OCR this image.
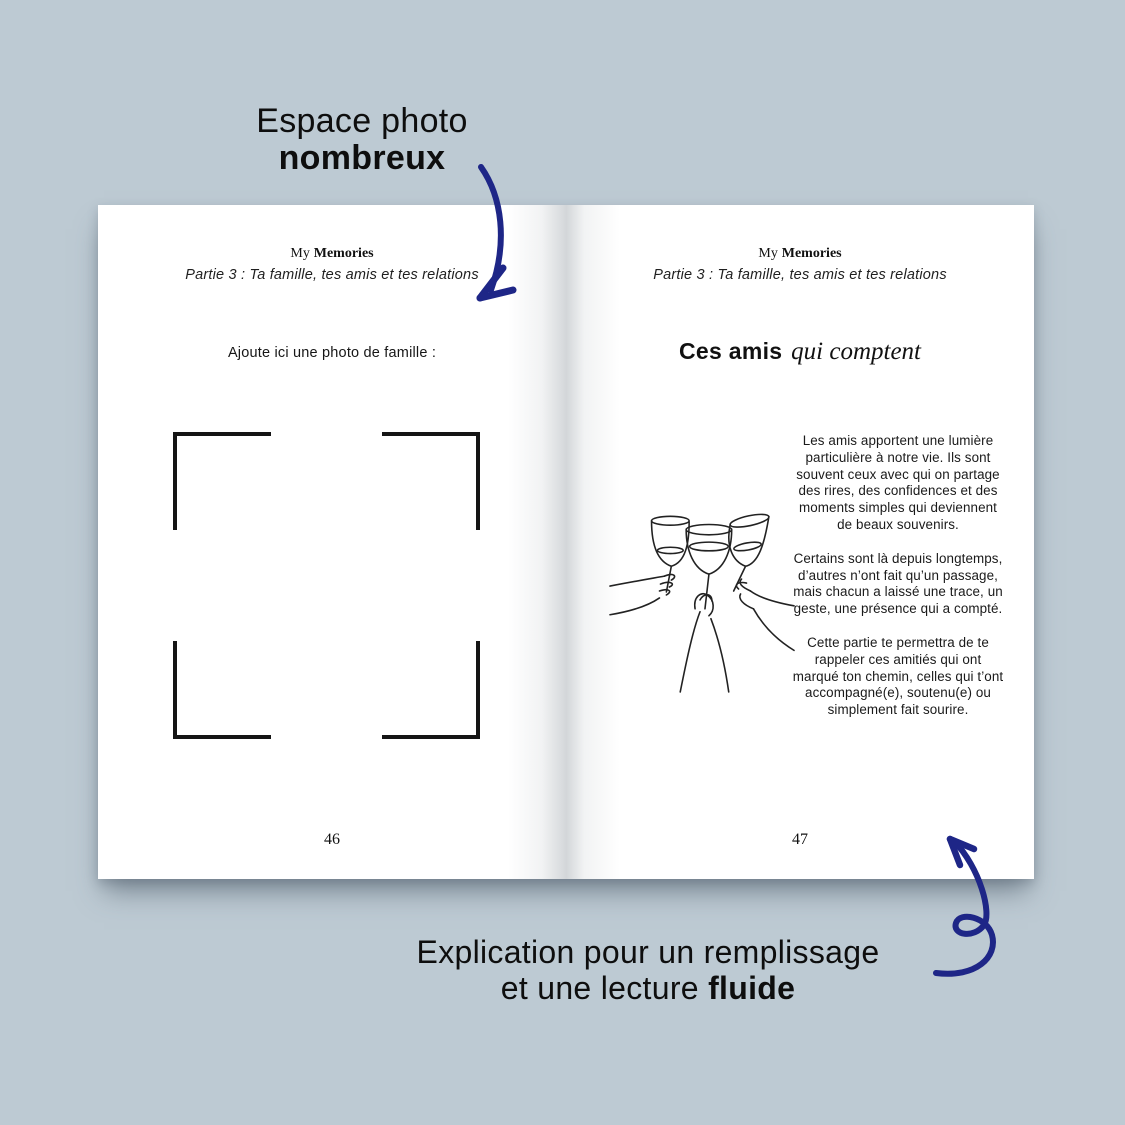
Espace photo
nombreux
My Memories
Partie 3 : Ta famille, tes amis et tes relations
Ajoute ici une photo de famille :
46
My Memories
Partie 3 : Ta famille, tes amis et tes relations
Ces amis qui comptent

Les amis apportent une lumière particulière à notre vie. Ils sont souvent ceux avec qui on partage des rires, des confidences et des moments simples qui deviennent de beaux souvenirs.

Certains sont là depuis longtemps, d’autres n’ont fait qu’un passage, mais chacun a laissé une trace, un geste, une présence qui a compté.

Cette partie te permettra de te rappeler ces amitiés qui ont marqué ton chemin, celles qui t’ont accompagné(e), soutenu(e) ou simplement fait sourire.

47
Explication pour un remplissage
et une lecture fluide
